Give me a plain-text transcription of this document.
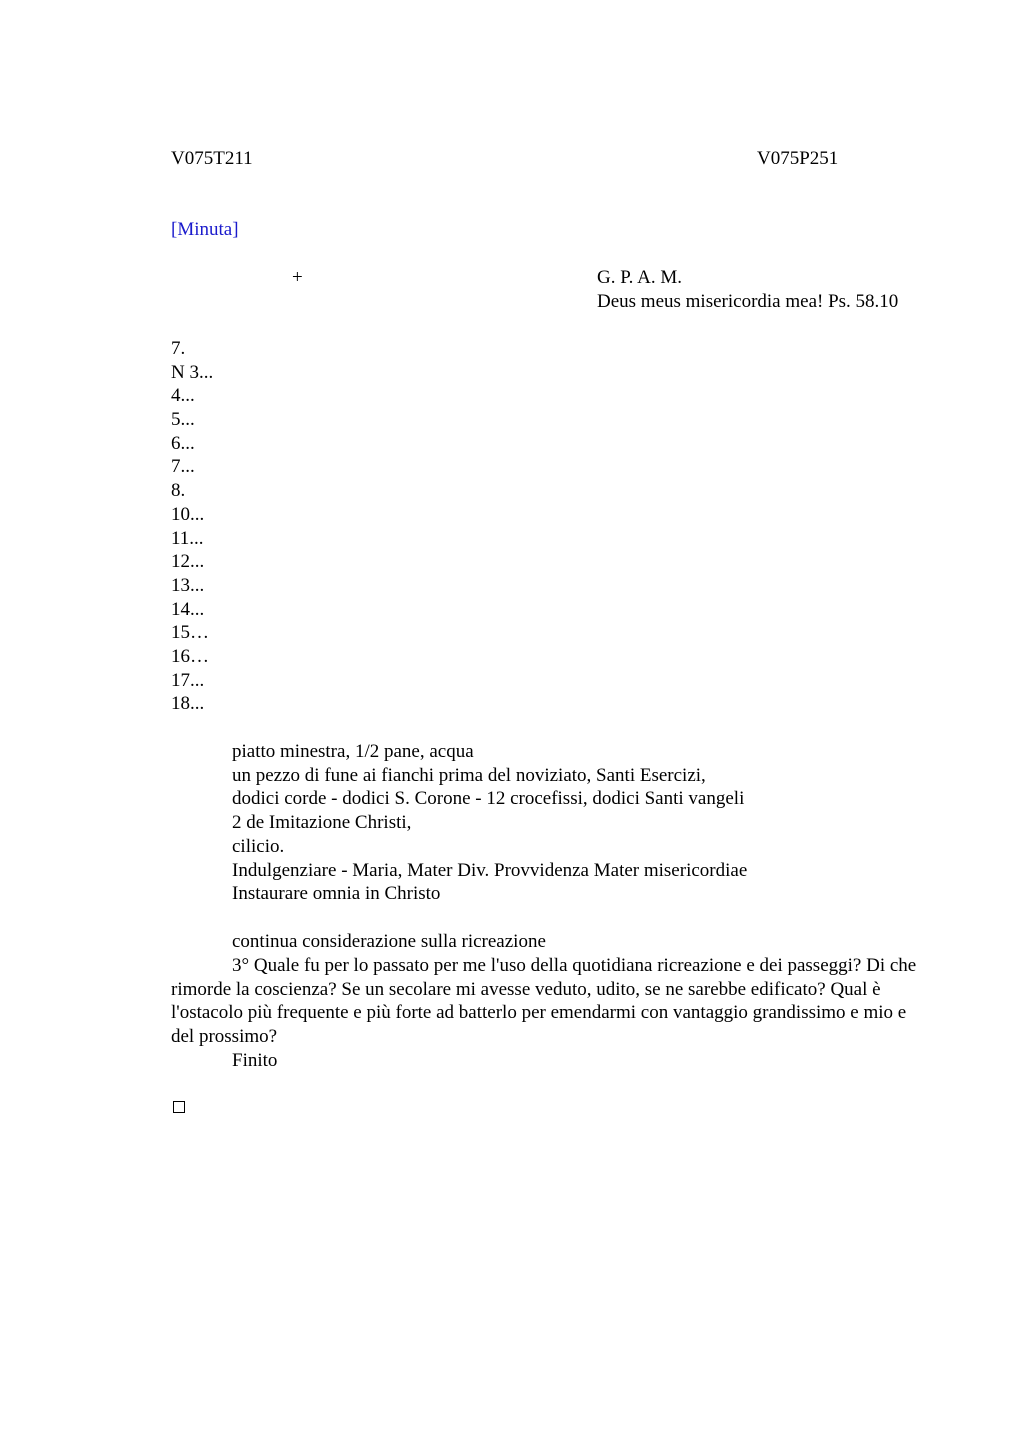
V075T211	V075P251
[Minuta]
+	G. P. A. M.
Deus meus misericordia mea! Ps. 58.10
7.
N 3...
4...
5...
6...
7...
8.
10...
11...
12...
13...
14...
15…
16…
17...
18...
piatto minestra, 1/2 pane, acqua
un pezzo di fune ai fianchi prima del noviziato, Santi Esercizi,
dodici corde - dodici S. Corone - 12 crocefissi, dodici Santi vangeli
2 de Imitazione Christi,
cilicio.
Indulgenziare - Maria, Mater Div. Provvidenza Mater misericordiae
Instaurare omnia in Christo
continua considerazione sulla ricreazione

3° Quale fu per lo passato per me l'uso della quotidiana ricreazione e dei passeggi? Di che rimorde la coscienza? Se un secolare mi avesse veduto, udito, se ne sarebbe edificato? Qual è l'ostacolo più frequente e più forte ad batterlo per emendarmi con vantaggio grandissimo e mio e del prossimo?

Finito
